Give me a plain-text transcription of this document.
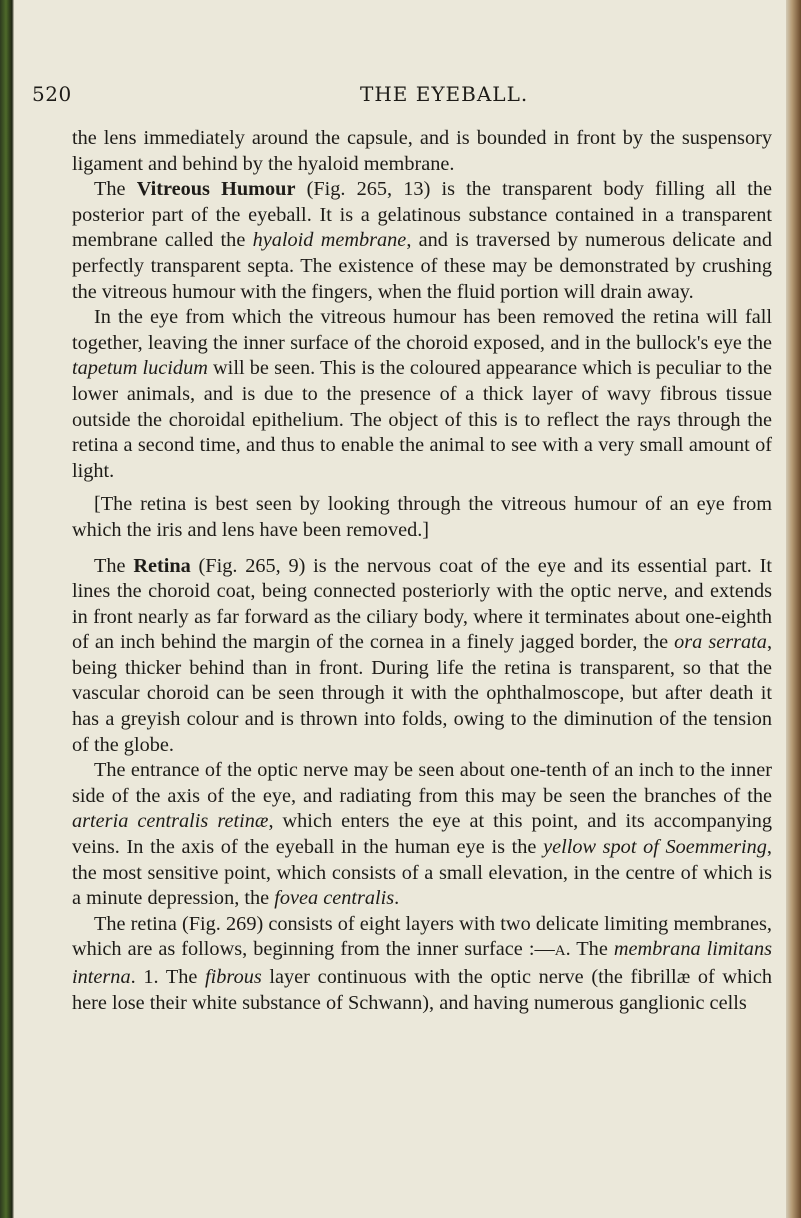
520	THE EYEBALL.

the lens immediately around the capsule, and is bounded in front by the suspensory ligament and behind by the hyaloid membrane.

The Vitreous Humour (Fig. 265, 13) is the transparent body filling all the posterior part of the eyeball. It is a gelatinous substance contained in a transparent membrane called the hyaloid membrane, and is traversed by numerous delicate and perfectly transparent septa. The existence of these may be demonstrated by crushing the vitreous humour with the fingers, when the fluid portion will drain away.

In the eye from which the vitreous humour has been removed the retina will fall together, leaving the inner surface of the choroid exposed, and in the bullock's eye the tapetum lucidum will be seen. This is the coloured appearance which is peculiar to the lower animals, and is due to the presence of a thick layer of wavy fibrous tissue outside the choroidal epithelium. The object of this is to reflect the rays through the retina a second time, and thus to enable the animal to see with a very small amount of light.

[The retina is best seen by looking through the vitreous humour of an eye from which the iris and lens have been removed.]

The Retina (Fig. 265, 9) is the nervous coat of the eye and its essential part. It lines the choroid coat, being connected posteriorly with the optic nerve, and extends in front nearly as far forward as the ciliary body, where it terminates about one-eighth of an inch behind the margin of the cornea in a finely jagged border, the ora serrata, being thicker behind than in front. During life the retina is transparent, so that the vascular choroid can be seen through it with the ophthalmoscope, but after death it has a greyish colour and is thrown into folds, owing to the diminution of the tension of the globe.

The entrance of the optic nerve may be seen about one-tenth of an inch to the inner side of the axis of the eye, and radiating from this may be seen the branches of the arteria centralis retinæ, which enters the eye at this point, and its accompanying veins. In the axis of the eyeball in the human eye is the yellow spot of Soemmering, the most sensitive point, which consists of a small elevation, in the centre of which is a minute depression, the fovea centralis.

The retina (Fig. 269) consists of eight layers with two delicate limiting membranes, which are as follows, beginning from the inner surface :—A. The membrana limitans interna. 1. The fibrous layer continuous with the optic nerve (the fibrillæ of which here lose their white substance of Schwann), and having numerous ganglionic cells
